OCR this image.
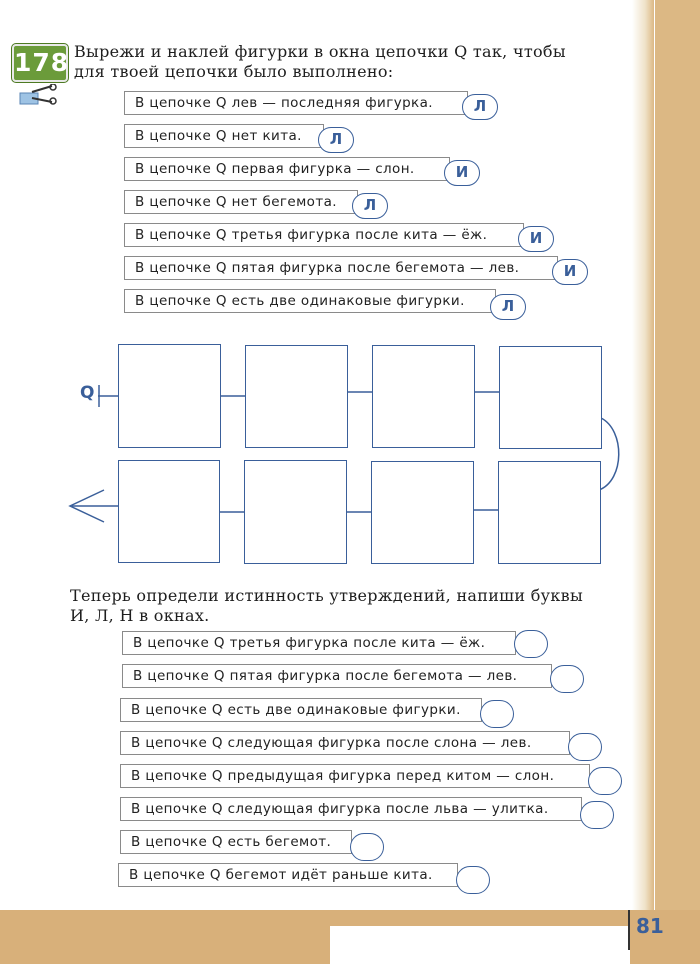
178 Вырежи и наклей фигурки в окна цепочки Q так, чтобы
для твоей цепочки было выполнено:
В цепочке Q лев — последняя фигурка.	Л
В цепочке Q нет кита.	Л
В цепочке Q первая фигурка — слон.	И
В цепочке Q нет бегемота.	Л
В цепочке Q третья фигурка после кита — ёж.	И
В цепочке Q пятая фигурка после бегемота — лев.	И
В цепочке Q есть две одинаковые фигурки.	Л
Q
Теперь определи истинность утверждений, напиши буквы
И, Л, Н в окнах.
В цепочке Q третья фигурка после кита — ёж.
В цепочке Q пятая фигурка после бегемота — лев.
В цепочке Q есть две одинаковые фигурки.
В цепочке Q следующая фигурка после слона — лев.
В цепочке Q предыдущая фигурка перед китом — слон.
В цепочке Q следующая фигурка после льва — улитка.
В цепочке Q есть бегемот.
В цепочке Q бегемот идёт раньше кита.
81
